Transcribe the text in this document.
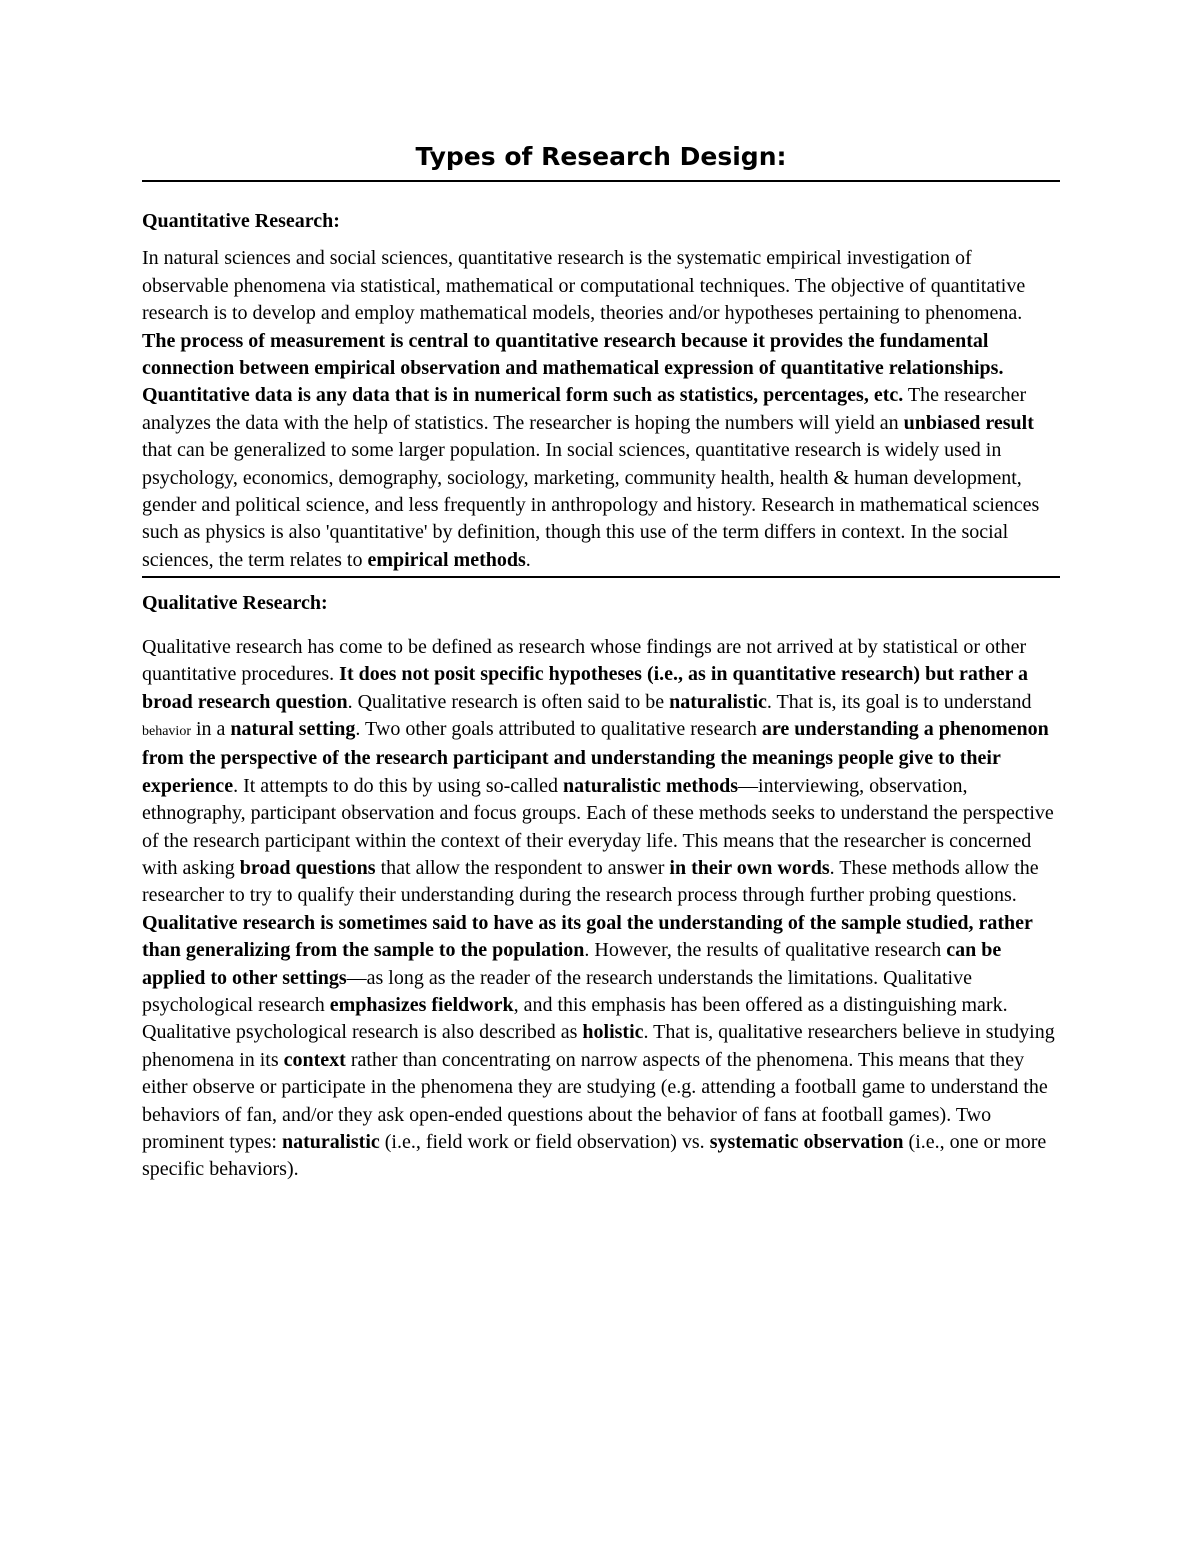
Types of Research Design:
Quantitative Research:

In natural sciences and social sciences, quantitative research is the systematic empirical investigation of observable phenomena via statistical, mathematical or computational techniques. The objective of quantitative research is to develop and employ mathematical models, theories and/or hypotheses pertaining to phenomena. The process of measurement is central to quantitative research because it provides the fundamental connection between empirical observation and mathematical expression of quantitative relationships. Quantitative data is any data that is in numerical form such as statistics, percentages, etc. The researcher analyzes the data with the help of statistics. The researcher is hoping the numbers will yield an unbiased result that can be generalized to some larger population. In social sciences, quantitative research is widely used in psychology, economics, demography, sociology, marketing, community health, health & human development, gender and political science, and less frequently in anthropology and history. Research in mathematical sciences such as physics is also 'quantitative' by definition, though this use of the term differs in context. In the social sciences, the term relates to empirical methods.

Qualitative Research:

Qualitative research has come to be defined as research whose findings are not arrived at by statistical or other quantitative procedures. It does not posit specific hypotheses (i.e., as in quantitative research) but rather a broad research question. Qualitative research is often said to be naturalistic. That is, its goal is to understand behavior in a natural setting. Two other goals attributed to qualitative research are understanding a phenomenon from the perspective of the research participant and understanding the meanings people give to their experience. It attempts to do this by using so-called naturalistic methods—interviewing, observation, ethnography, participant observation and focus groups. Each of these methods seeks to understand the perspective of the research participant within the context of their everyday life. This means that the researcher is concerned with asking broad questions that allow the respondent to answer in their own words. These methods allow the researcher to try to qualify their understanding during the research process through further probing questions. Qualitative research is sometimes said to have as its goal the understanding of the sample studied, rather than generalizing from the sample to the population. However, the results of qualitative research can be applied to other settings—as long as the reader of the research understands the limitations. Qualitative psychological research emphasizes fieldwork, and this emphasis has been offered as a distinguishing mark. Qualitative psychological research is also described as holistic. That is, qualitative researchers believe in studying phenomena in its context rather than concentrating on narrow aspects of the phenomena. This means that they either observe or participate in the phenomena they are studying (e.g. attending a football game to understand the behaviors of fan, and/or they ask open-ended questions about the behavior of fans at football games). Two prominent types: naturalistic (i.e., field work or field observation) vs. systematic observation (i.e., one or more specific behaviors).
